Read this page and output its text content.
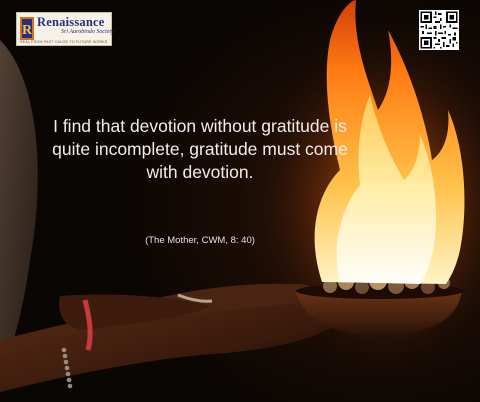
R
Renaissance
Sri Aurobindo Society
REAL FROM PAST CAUSE TO FUTURE WORKS
I find that devotion without gratitude is quite incomplete, gratitude must come with devotion.
(The Mother, CWM, 8: 40)
